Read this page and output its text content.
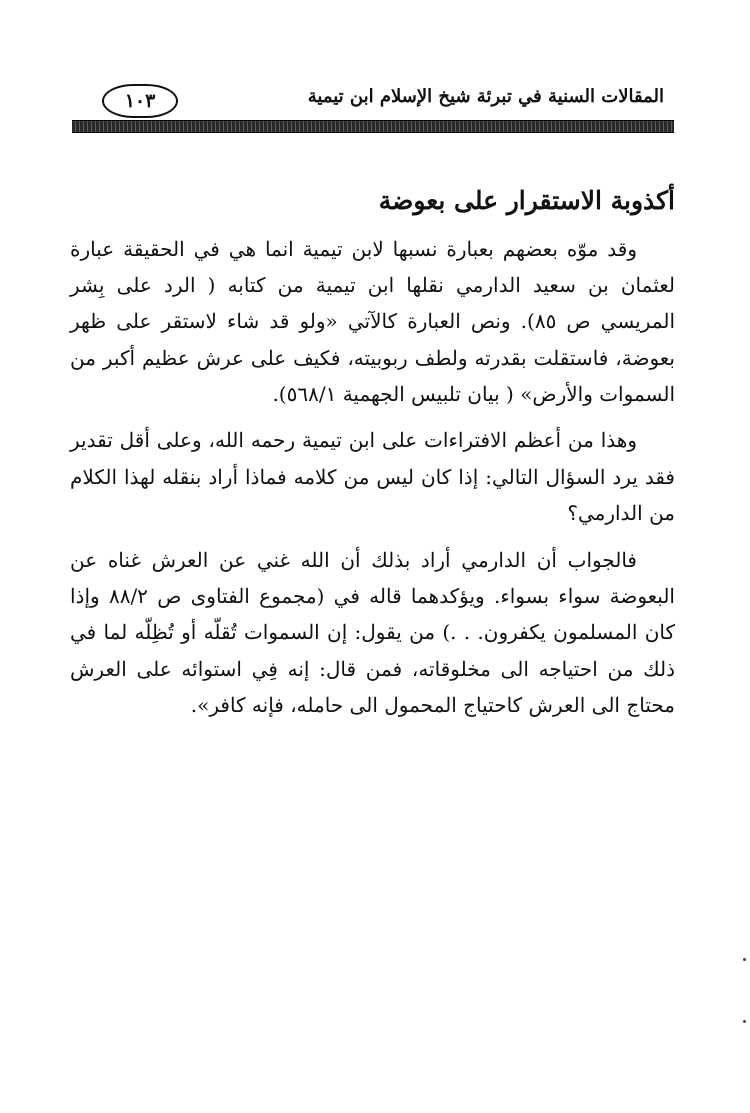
١٠٣	المقالات السنية في تبرئة شيخ الإسلام ابن تيمية
أكذوبة الاستقرار على بعوضة

وقد موّه بعضهم بعبارة نسبها لابن تيمية انما هي في الحقيقة عبارة لعثمان بن سعيد الدارمي نقلها ابن تيمية من كتابه ( الرد على بِشر المريسي ص ٨٥). ونص العبارة كالآتي «ولو قد شاء لاستقر على ظهر بعوضة، فاستقلت بقدرته ولطف ربوبيته، فكيف على عرش عظيم أكبر من السموات والأرض» ( بيان تلبيس الجهمية ٥٦٨/١).

وهذا من أعظم الافتراءات على ابن تيمية رحمه الله، وعلى أقل تقدير فقد يرد السؤال التالي: إذا كان ليس من كلامه فماذا أراد بنقله لهذا الكلام من الدارمي؟

فالجواب أن الدارمي أراد بذلك أن الله غني عن العرش غناه عن البعوضة سواء بسواء. ويؤكدهما قاله في (مجموع الفتاوى ص ٨٨/٢ وإذا كان المسلمون يكفرون. . .) من يقول: إن السموات تُقلّه أو تُظِلّه لما في ذلك من احتياجه الى مخلوقاته، فمن قال: إنه فِي استوائه على العرش محتاج الى العرش كاحتياج المحمول الى حامله، فإنه كافر».
